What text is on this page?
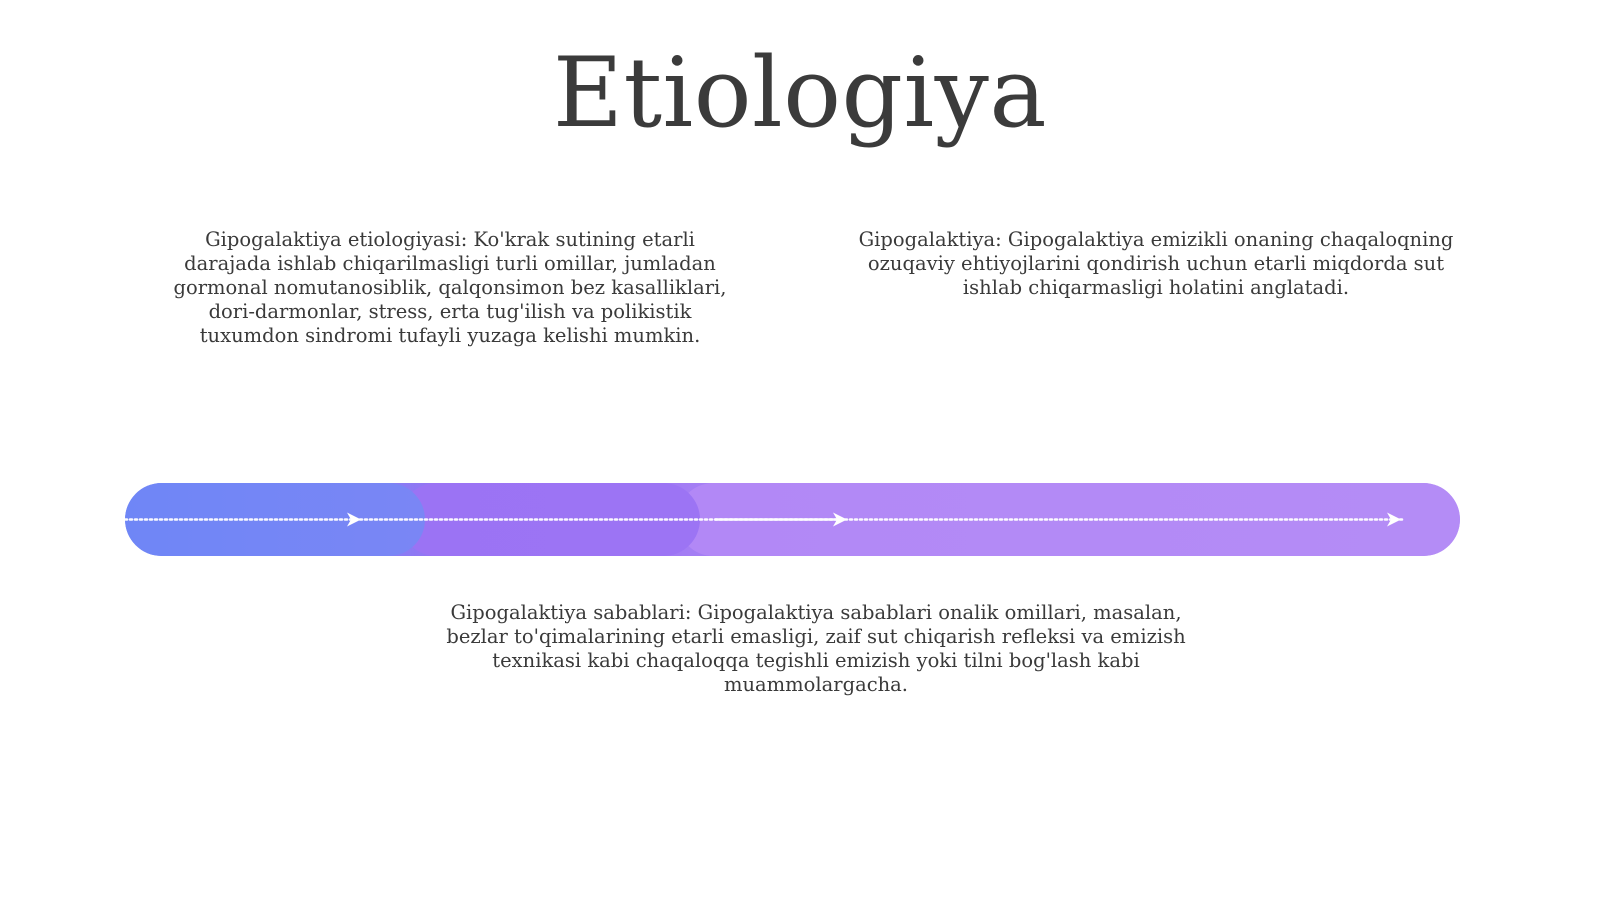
Etiologiya

Gipogalaktiya etiologiyasi: Ko'krak sutining etarli darajada ishlab chiqarilmasligi turli omillar, jumladan gormonal nomutanosiblik, qalqonsimon bez kasalliklari, dori-darmonlar, stress, erta tug'ilish va polikistik tuxumdon sindromi tufayli yuzaga kelishi mumkin.

Gipogalaktiya: Gipogalaktiya emizikli onaning chaqaloqning ozuqaviy ehtiyojlarini qondirish uchun etarli miqdorda sut ishlab chiqarmasligi holatini anglatadi.

Gipogalaktiya sabablari: Gipogalaktiya sabablari onalik omillari, masalan, bezlar to'qimalarining etarli emasligi, zaif sut chiqarish refleksi va emizish texnikasi kabi chaqaloqqa tegishli emizish yoki tilni bog'lash kabi muammolargacha.
